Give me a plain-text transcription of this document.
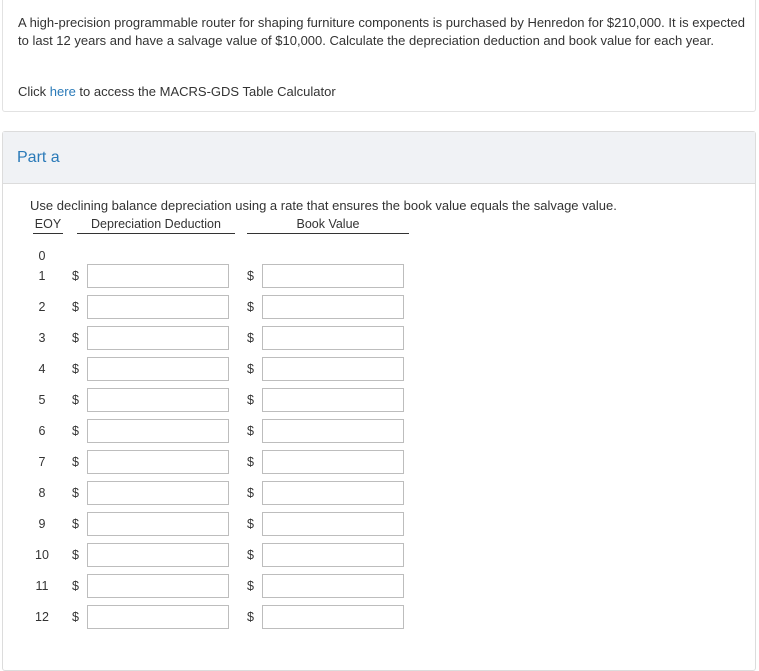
A high-precision programmable router for shaping furniture components is purchased by Henredon for $210,000. It is expected to last 12 years and have a salvage value of $10,000. Calculate the depreciation deduction and book value for each year.
Click here to access the MACRS-GDS Table Calculator
Part a
Use declining balance depreciation using a rate that ensures the book value equals the salvage value.
EOY	Depreciation Deduction	Book Value
0
1	$	$
2	$	$
3	$	$
4	$	$
5	$	$
6	$	$
7	$	$
8	$	$
9	$	$
10	$	$
11	$	$
12	$	$
